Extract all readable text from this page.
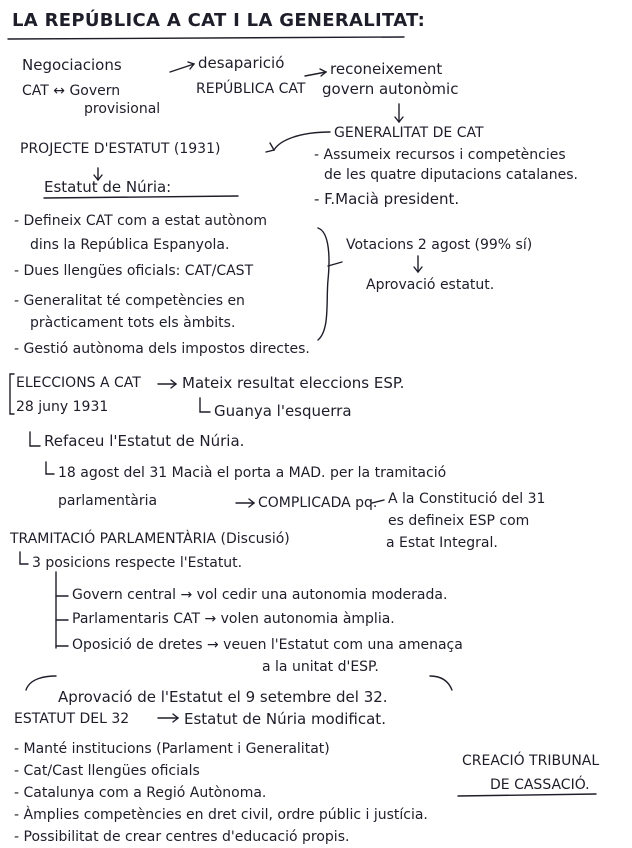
LA REPÚBLICA A CAT I LA GENERALITAT:
Negociacions
CAT ↔ Govern
provisional
desaparició
REPÚBLICA CAT
reconeixement
govern autonòmic
GENERALITAT DE CAT
- Assumeix recursos i competències
de les quatre diputacions catalanes.
- F.Macià president.
PROJECTE D'ESTATUT (1931)
Estatut de Núria:
- Defineix CAT com a estat autònom
dins la República Espanyola.
- Dues llengües oficials: CAT/CAST
- Generalitat té competències en
pràcticament tots els àmbits.
- Gestió autònoma dels impostos directes.
Votacions 2 agost (99% sí)
Aprovació estatut.
ELECCIONS A CAT
28 juny 1931
Mateix resultat eleccions ESP.
Guanya l'esquerra
Refaceu l'Estatut de Núria.
18 agost del 31 Macià el porta a MAD. per la tramitació
parlamentària	COMPLICADA pq. A la Constitució del 31
es defineix ESP com
a Estat Integral.
TRAMITACIÓ PARLAMENTÀRIA (Discusió)
3 posicions respecte l'Estatut.
Govern central → vol cedir una autonomia moderada.
Parlamentaris CAT → volen autonomia àmplia.
Oposició de dretes → veuen l'Estatut com una amenaça
a la unitat d'ESP.
Aprovació de l'Estatut el 9 setembre del 32.
ESTATUT DEL 32	Estatut de Núria modificat.
- Manté institucions (Parlament i Generalitat)
- Cat/Cast llengües oficials
- Catalunya com a Regió Autònoma.
- Àmplies competències en dret civil, ordre públic i justícia.
- Possibilitat de crear centres d'educació propis.
CREACIÓ TRIBUNAL
DE CASSACIÓ.
